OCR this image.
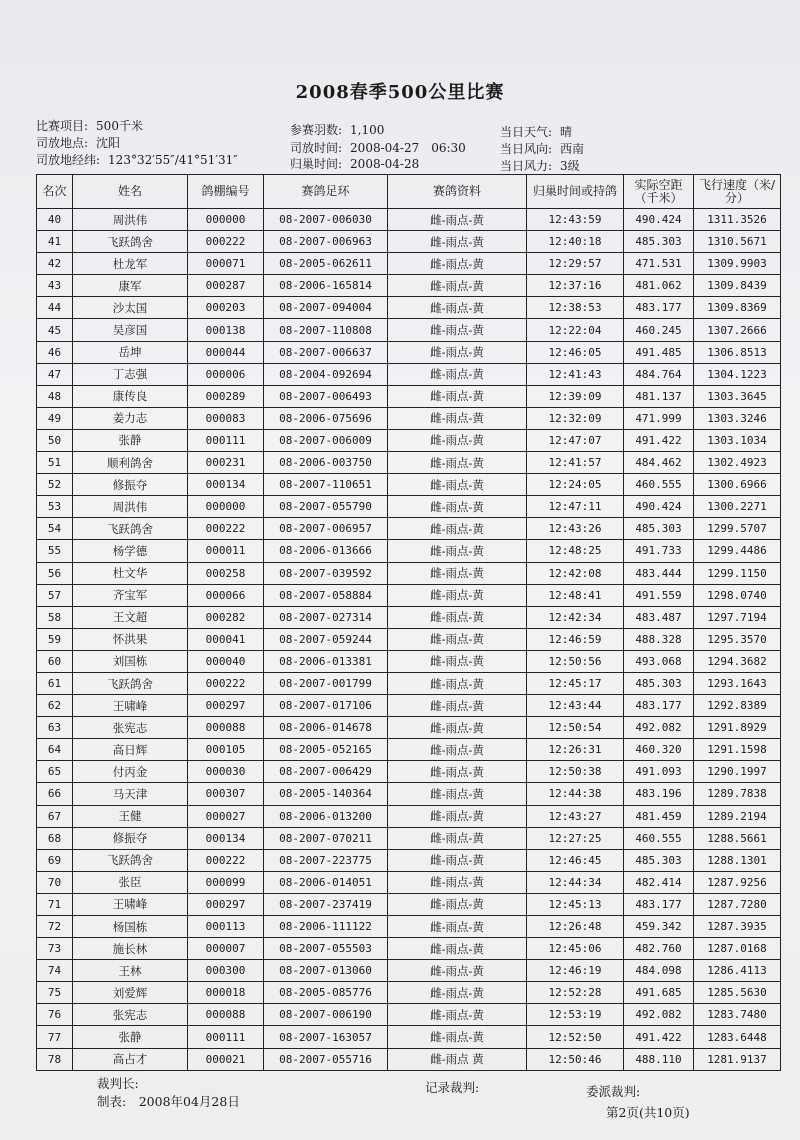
2008春季500公里比赛
比赛项目: 500千米
司放地点: 沈阳
司放地经纬: 123°32′55″/41°51′31″
参赛羽数: 1,100
司放时间: 2008-04-27　06:30
归巢时间: 2008-04-28
当日天气: 晴
当日风向: 西南
当日风力: 3级
名次	姓名	鸽棚编号	赛鸽足环	赛鸽资料	归巢时间或持鸽	实际空距（千米）	飞行速度（米/分）
40	周洪伟	000000	08-2007-006030	雌-雨点-黄	12:43:59	490.424	1311.3526
41	飞跃鸽舍	000222	08-2007-006963	雌-雨点-黄	12:40:18	485.303	1310.5671
42	杜龙军	000071	08-2005-062611	雌-雨点-黄	12:29:57	471.531	1309.9903
43	康军	000287	08-2006-165814	雌-雨点-黄	12:37:16	481.062	1309.8439
44	沙太国	000203	08-2007-094004	雌-雨点-黄	12:38:53	483.177	1309.8369
45	吴彦国	000138	08-2007-110808	雌-雨点-黄	12:22:04	460.245	1307.2666
46	岳坤	000044	08-2007-006637	雌-雨点-黄	12:46:05	491.485	1306.8513
47	丁志强	000006	08-2004-092694	雌-雨点-黄	12:41:43	484.764	1304.1223
48	康传良	000289	08-2007-006493	雌-雨点-黄	12:39:09	481.137	1303.3645
49	姜力志	000083	08-2006-075696	雌-雨点-黄	12:32:09	471.999	1303.3246
50	张静	000111	08-2007-006009	雌-雨点-黄	12:47:07	491.422	1303.1034
51	顺利鸽舍	000231	08-2006-003750	雌-雨点-黄	12:41:57	484.462	1302.4923
52	修振夺	000134	08-2007-110651	雌-雨点-黄	12:24:05	460.555	1300.6966
53	周洪伟	000000	08-2007-055790	雌-雨点-黄	12:47:11	490.424	1300.2271
54	飞跃鸽舍	000222	08-2007-006957	雌-雨点-黄	12:43:26	485.303	1299.5707
55	杨学德	000011	08-2006-013666	雌-雨点-黄	12:48:25	491.733	1299.4486
56	杜文华	000258	08-2007-039592	雌-雨点-黄	12:42:08	483.444	1299.1150
57	齐宝军	000066	08-2007-058884	雌-雨点-黄	12:48:41	491.559	1298.0740
58	王文超	000282	08-2007-027314	雌-雨点-黄	12:42:34	483.487	1297.7194
59	怀洪果	000041	08-2007-059244	雌-雨点-黄	12:46:59	488.328	1295.3570
60	刘国栋	000040	08-2006-013381	雌-雨点-黄	12:50:56	493.068	1294.3682
61	飞跃鸽舍	000222	08-2007-001799	雌-雨点-黄	12:45:17	485.303	1293.1643
62	王啸峰	000297	08-2007-017106	雌-雨点-黄	12:43:44	483.177	1292.8389
63	张宪志	000088	08-2006-014678	雌-雨点-黄	12:50:54	492.082	1291.8929
64	高日辉	000105	08-2005-052165	雌-雨点-黄	12:26:31	460.320	1291.1598
65	付丙金	000030	08-2007-006429	雌-雨点-黄	12:50:38	491.093	1290.1997
66	马天津	000307	08-2005-140364	雌-雨点-黄	12:44:38	483.196	1289.7838
67	王健	000027	08-2006-013200	雌-雨点-黄	12:43:27	481.459	1289.2194
68	修振夺	000134	08-2007-070211	雌-雨点-黄	12:27:25	460.555	1288.5661
69	飞跃鸽舍	000222	08-2007-223775	雌-雨点-黄	12:46:45	485.303	1288.1301
70	张臣	000099	08-2006-014051	雌-雨点-黄	12:44:34	482.414	1287.9256
71	王啸峰	000297	08-2007-237419	雌-雨点-黄	12:45:13	483.177	1287.7280
72	杨国栋	000113	08-2006-111122	雌-雨点-黄	12:26:48	459.342	1287.3935
73	施长林	000007	08-2007-055503	雌-雨点-黄	12:45:06	482.760	1287.0168
74	王林	000300	08-2007-013060	雌-雨点-黄	12:46:19	484.098	1286.4113
75	刘爱辉	000018	08-2005-085776	雌-雨点-黄	12:52:28	491.685	1285.5630
76	张宪志	000088	08-2007-006190	雌-雨点-黄	12:53:19	492.082	1283.7480
77	张静	000111	08-2007-163057	雌-雨点-黄	12:52:50	491.422	1283.6448
78	高占才	000021	08-2007-055716	雌-雨点 黄	12:50:46	488.110	1281.9137
裁判长:	记录裁判:	委派裁判:
制表:　2008年04月28日
第2页(共10页)
